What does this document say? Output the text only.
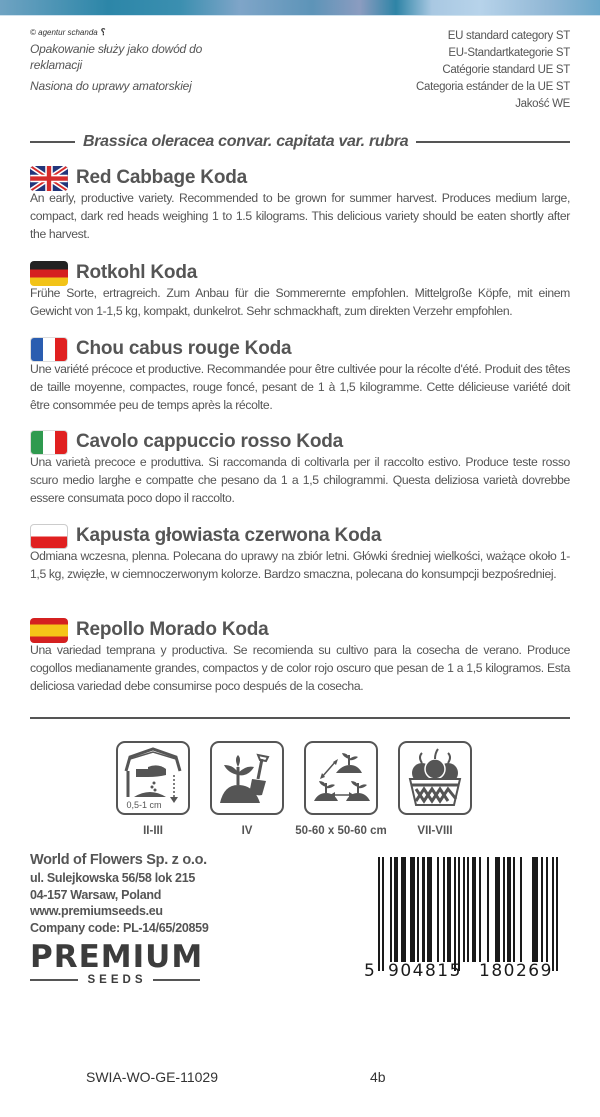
© agentur schanda ⸮
Opakowanie służy jako dowód do reklamacji
Nasiona do uprawy amatorskiej
EU standard category ST
EU-Standartkategorie ST
Catégorie standard UE ST
Categoria estánder de la UE ST
Jakość WE
Brassica oleracea convar. capitata var. rubra
Red Cabbage Koda
An early, productive variety. Recommended to be grown for summer harvest. Produces medium large, compact, dark red heads weighing 1 to 1.5 kilograms. This delicious variety should be eaten shortly after the harvest.
Rotkohl Koda
Frühe Sorte, ertragreich. Zum Anbau für die Sommerernte empfohlen. Mittelgroße Köpfe, mit einem Gewicht von 1-1,5 kg, kompakt, dunkelrot. Sehr schmackhaft, zum direkten Verzehr empfohlen.
Chou cabus rouge Koda
Une variété précoce et productive. Recommandée pour être cultivée pour la récolte d'été. Produit des têtes de taille moyenne, compactes, rouge foncé, pesant de 1 à 1,5 kilogramme. Cette délicieuse variété doit être consommée peu de temps après la récolte.
Cavolo cappuccio rosso Koda
Una varietà precoce e produttiva. Si raccomanda di coltivarla per il raccolto estivo. Produce teste rosso scuro medio larghe e compatte che pesano da 1 a 1,5 chilogrammi. Questa deliziosa varietà dovrebbe essere consumata poco dopo il raccolto.
Kapusta głowiasta czerwona Koda
Odmiana wczesna, plenna. Polecana do uprawy na zbiór letni. Główki średniej wielkości, ważące około 1-1,5 kg, zwięzłe, w ciemnoczerwonym kolorze. Bardzo smaczna, polecana do konsumpcji bezpośredniej.
Repollo Morado Koda
Una variedad temprana y productiva. Se recomienda su cultivo para la cosecha de verano. Produce cogollos medianamente grandes, compactos y de color rojo oscuro que pesan de 1 a 1,5 kilogramos. Esta deliciosa variedad debe consumirse poco después de la cosecha.
0,5-1 cm
II-III	IV	50-60 x 50-60 cm	VII-VIII
World of Flowers Sp. z o.o.
ul. Sulejkowska 56/58 lok 215
04-157 Warsaw, Poland
www.premiumseeds.eu
Company code: PL-14/65/20859
PREMIUM
SEEDS	5 904815	180269
SWIA-WO-GE-11029	4b
